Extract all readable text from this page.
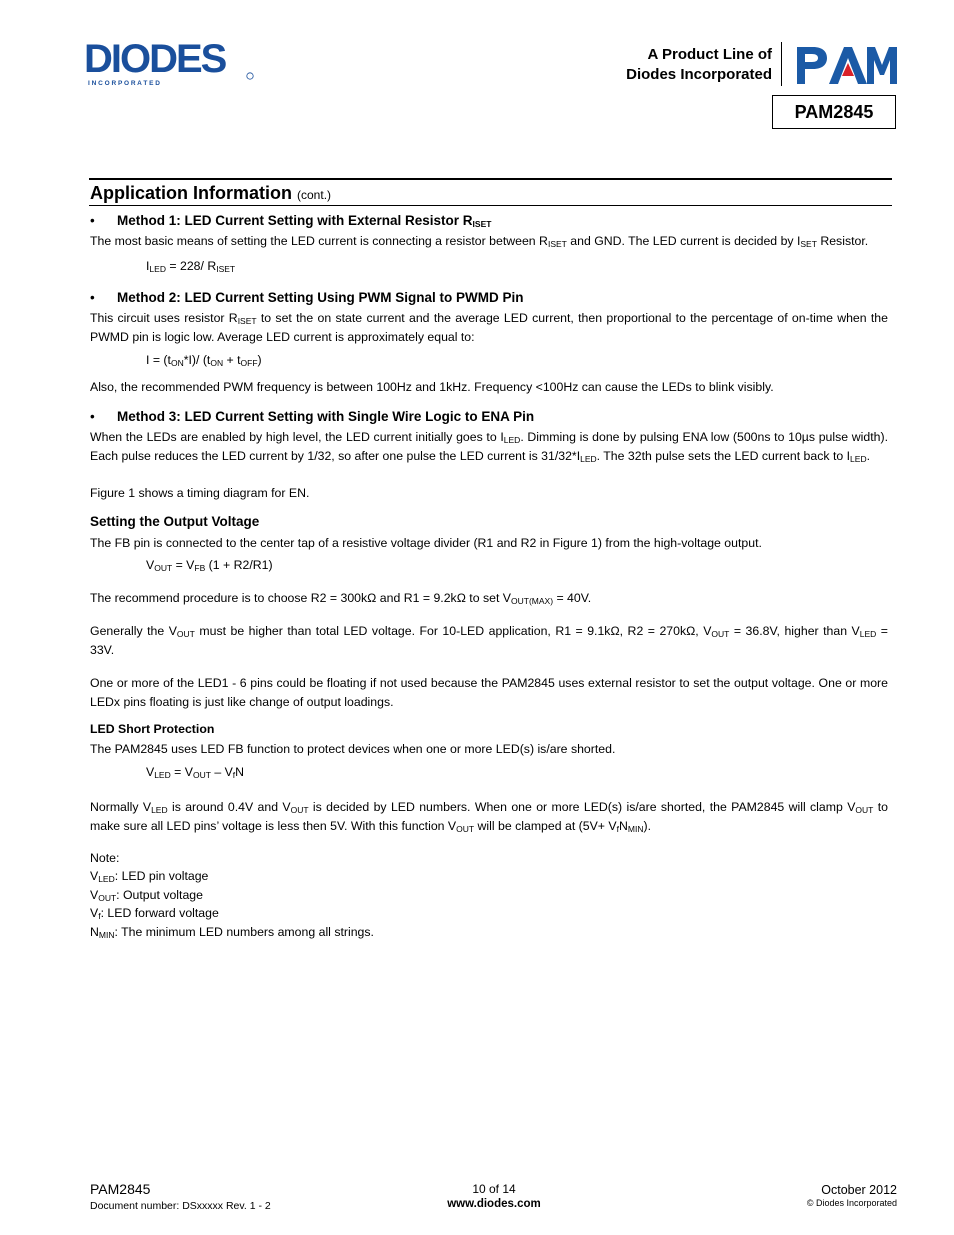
DIODES
I N C O R P O R A T E D
A Product Line of
Diodes Incorporated
PAM
PAM2845
Application Information (cont.)
• Method 1: LED Current Setting with External Resistor $R_{ISET}$
The most basic means of setting the LED current is connecting a resistor between $R_{ISET}$ and GND. The LED current is decided by $I_{SET}$ Resistor.
$I_{LED} = 228/$ $R_{ISET}$
• Method 2: LED Current Setting Using PWM Signal to PWMD Pin
This circuit uses resistor $R_{ISET}$ to set the on state current and the average LED current, then proportional to the percentage of on-time when the PWMD pin is logic low. Average LED current is approximately equal to:
$I = (t_{ON}*I)/$ $(t_{ON} + t_{OFF})$
Also, the recommended PWM frequency is between 100Hz and 1kHz. Frequency <100Hz can cause the LEDs to blink visibly.
• Method 3: LED Current Setting with Single Wire Logic to ENA Pin
When the LEDs are enabled by high level, the LED current initially goes to $I_{LED}$. Dimming is done by pulsing ENA low (500ns to 10µs pulse width). Each pulse reduces the LED current by 1/32, so after one pulse the LED current is $31/32*I_{LED}$. The 32th pulse sets the LED current back to $I_{LED}$.
Figure 1 shows a timing diagram for EN.
Setting the Output Voltage
The FB pin is connected to the center tap of a resistive voltage divider (R1 and R2 in Figure 1) from the high-voltage output.
$V_{OUT} = V_{FB}$ (1 + R2/R1)
The recommend procedure is to choose R2 = 300kΩ and R1 = 9.2kΩ to set $V_{OUT(MAX)} = 40V$.
Generally the $V_{OUT}$ must be higher than total LED voltage. For 10-LED application, R1 = 9.1kΩ, R2 = 270kΩ, $V_{OUT} = 36.8V$, higher than $V_{LED} = 33V$.
One or more of the LED1 - 6 pins could be floating if not used because the PAM2845 uses external resistor to set the output voltage. One or more LEDx pins floating is just like change of output loadings.
LED Short Protection
The PAM2845 uses LED FB function to protect devices when one or more LED(s) is/are shorted.
$V_{LED} = V_{OUT} - V_fN$
Normally $V_{LED}$ is around 0.4V and $V_{OUT}$ is decided by LED numbers. When one or more LED(s) is/are shorted, the PAM2845 will clamp $V_{OUT}$ to make sure all LED pins’ voltage is less then 5V. With this function $V_{OUT}$ will be clamped at $(5V+ V_fN_{MIN})$.
Note:
$V_{LED}$: LED pin voltage
$V_{OUT}$: Output voltage
$V_f$: LED forward voltage
$N_{MIN}$: The minimum LED numbers among all strings.
PAM2845
Document number: DSxxxxx Rev. 1 - 2
10 of 14
www.diodes.com
October 2012
© Diodes Incorporated
